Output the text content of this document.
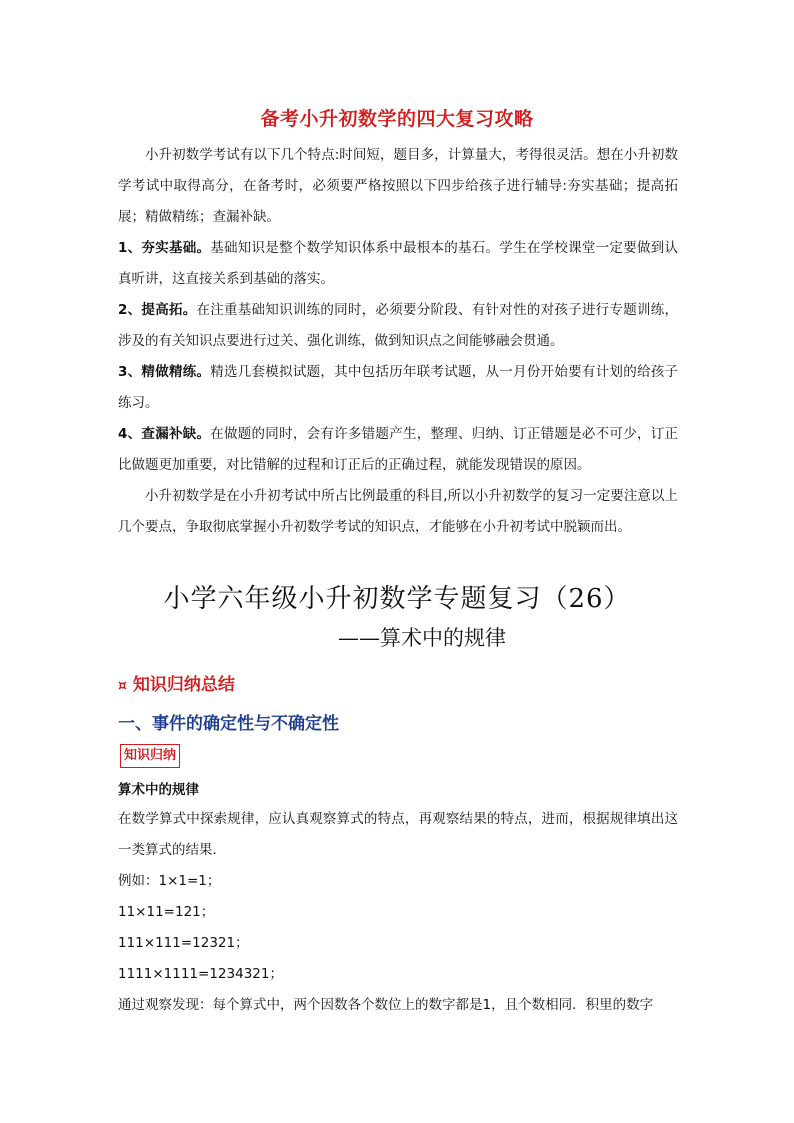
备考小升初数学的四大复习攻略

小升初数学考试有以下几个特点:时间短，题目多，计算量大，考得很灵活。想在小升初数学考试中取得高分，在备考时，必须要严格按照以下四步给孩子进行辅导:夯实基础；提高拓展；精做精练；查漏补缺。

1、夯实基础。基础知识是整个数学知识体系中最根本的基石。学生在学校课堂一定要做到认真听讲，这直接关系到基础的落实。

2、提高拓。在注重基础知识训练的同时，必须要分阶段、有针对性的对孩子进行专题训练，涉及的有关知识点要进行过关、强化训练，做到知识点之间能够融会贯通。

3、精做精练。精选几套模拟试题，其中包括历年联考试题，从一月份开始要有计划的给孩子练习。

4、查漏补缺。在做题的同时，会有许多错题产生，整理、归纳、订正错题是必不可少，订正比做题更加重要，对比错解的过程和订正后的正确过程，就能发现错误的原因。

小升初数学是在小升初考试中所占比例最重的科目,所以小升初数学的复习一定要注意以上几个要点，争取彻底掌握小升初数学考试的知识点，才能够在小升初考试中脱颖而出。

小学六年级小升初数学专题复习（26）
——算术中的规律
¤ 知识归纳总结
一、事件的确定性与不确定性
知识归纳
算术中的规律

在数学算式中探索规律，应认真观察算式的特点，再观察结果的特点，进而，根据规律填出这一类算式的结果．

例如：1×1=1；

11×11=121；

111×111=12321；

1111×1111=1234321；

通过观察发现：每个算式中，两个因数各个数位上的数字都是1，且个数相同．积里的数字
